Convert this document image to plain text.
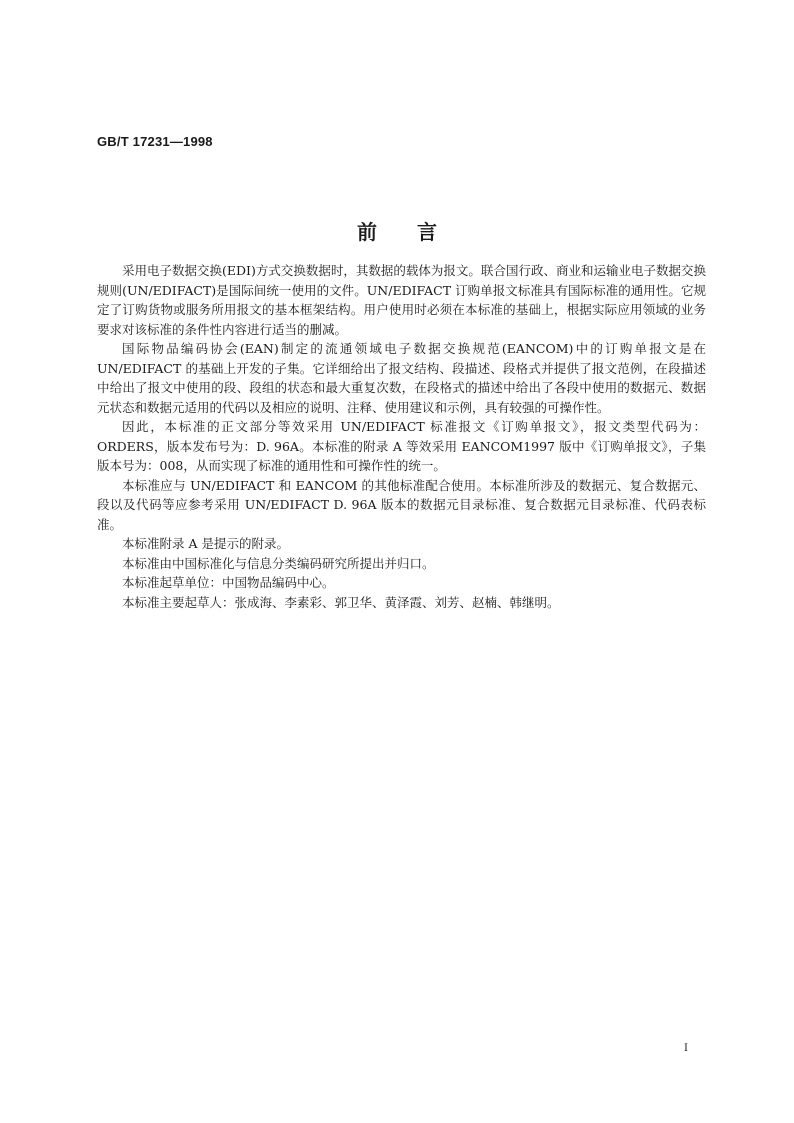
GB/T 17231—1998

前言

采用电子数据交换(EDI)方式交换数据时，其数据的载体为报文。联合国行政、商业和运输业电子数据交换规则(UN/EDIFACT)是国际间统一使用的文件。UN/EDIFACT 订购单报文标准具有国际标准的通用性。它规定了订购货物或服务所用报文的基本框架结构。用户使用时必须在本标准的基础上，根据实际应用领域的业务要求对该标准的条件性内容进行适当的删减。

国际物品编码协会(EAN)制定的流通领域电子数据交换规范(EANCOM)中的订购单报文是在UN/EDIFACT 的基础上开发的子集。它详细给出了报文结构、段描述、段格式并提供了报文范例，在段描述中给出了报文中使用的段、段组的状态和最大重复次数，在段格式的描述中给出了各段中使用的数据元、数据元状态和数据元适用的代码以及相应的说明、注释、使用建议和示例，具有较强的可操作性。

因此，本标准的正文部分等效采用 UN/EDIFACT 标准报文《订购单报文》，报文类型代码为：ORDERS，版本发布号为：D. 96A。本标准的附录 A 等效采用 EANCOM1997 版中《订购单报文》，子集版本号为：008，从而实现了标准的通用性和可操作性的统一。

本标准应与 UN/EDIFACT 和 EANCOM 的其他标准配合使用。本标准所涉及的数据元、复合数据元、段以及代码等应参考采用 UN/EDIFACT D. 96A 版本的数据元目录标准、复合数据元目录标准、代码表标准。

本标准附录 A 是提示的附录。

本标准由中国标准化与信息分类编码研究所提出并归口。

本标准起草单位：中国物品编码中心。

本标准主要起草人：张成海、李素彩、郭卫华、黄泽霞、刘芳、赵楠、韩继明。

I
